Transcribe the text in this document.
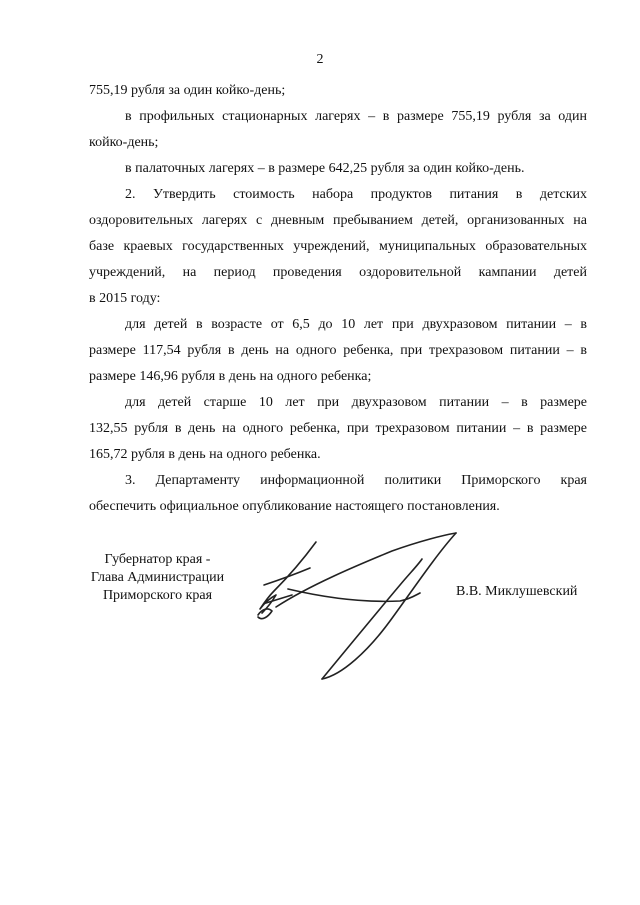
2
755,19 рубля за один койко-день;
в профильных стационарных лагерях – в размере 755,19 рубля за один
койко-день;
в палаточных лагерях – в размере 642,25 рубля за один койко-день.
2. Утвердить стоимость набора продуктов питания в детских
оздоровительных лагерях с дневным пребыванием детей, организованных на
базе краевых государственных учреждений, муниципальных образовательных
учреждений, на период проведения оздоровительной кампании детей
в 2015 году:
для детей в возрасте от 6,5 до 10 лет при двухразовом питании – в
размере 117,54 рубля в день на одного ребенка, при трехразовом питании – в
размере 146,96 рубля в день на одного ребенка;
для детей старше 10 лет при двухразовом питании – в размере
132,55 рубля в день на одного ребенка, при трехразовом питании – в размере
165,72 рубля в день на одного ребенка.
3. Департаменту информационной политики Приморского края
обеспечить официальное опубликование настоящего постановления.
Губернатор края -
Глава Администрации
Приморского края	В.В. Миклушевский
